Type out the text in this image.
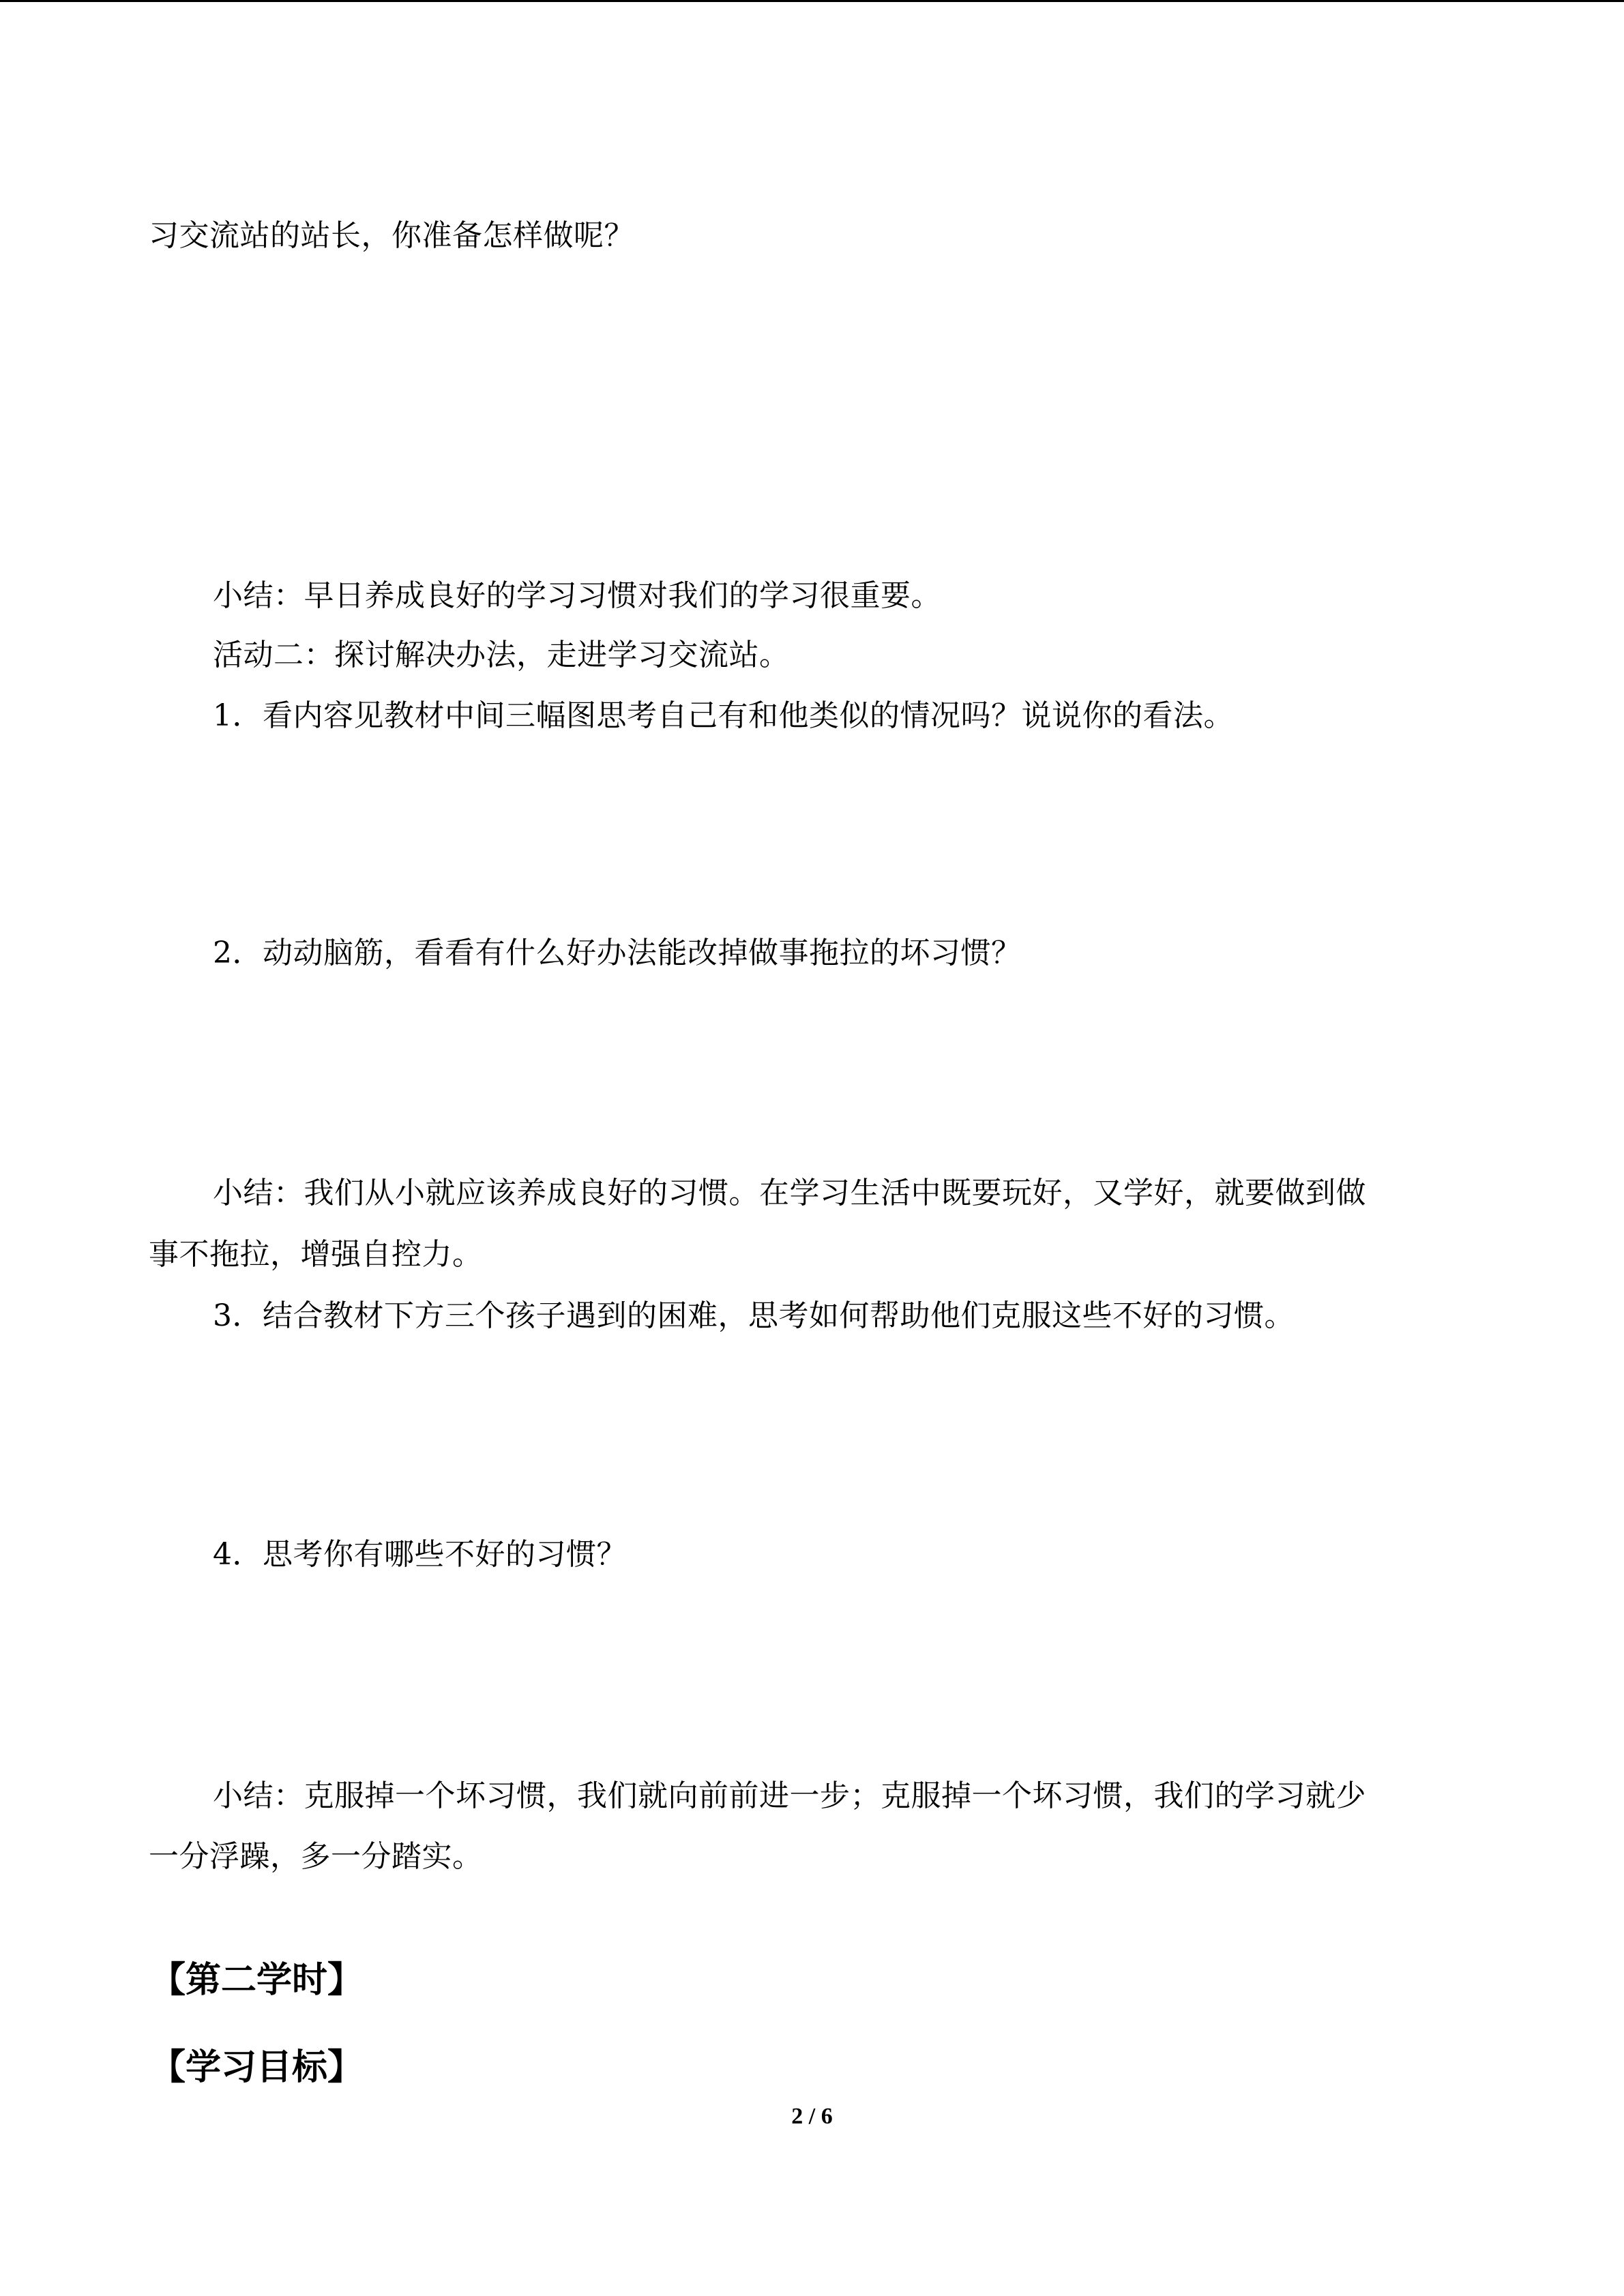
习交流站的站长，你准备怎样做呢？
小结：早日养成良好的学习习惯对我们的学习很重要。
活动二：探讨解决办法，走进学习交流站。
1．看内容见教材中间三幅图思考自己有和他类似的情况吗？说说你的看法。
2．动动脑筋，看看有什么好办法能改掉做事拖拉的坏习惯？
小结：我们从小就应该养成良好的习惯。在学习生活中既要玩好，又学好，就要做到做
事不拖拉，增强自控力。
3．结合教材下方三个孩子遇到的困难，思考如何帮助他们克服这些不好的习惯。
4．思考你有哪些不好的习惯？
小结：克服掉一个坏习惯，我们就向前前进一步；克服掉一个坏习惯，我们的学习就少
一分浮躁，多一分踏实。
【第二学时】
【学习目标】
2 / 6
